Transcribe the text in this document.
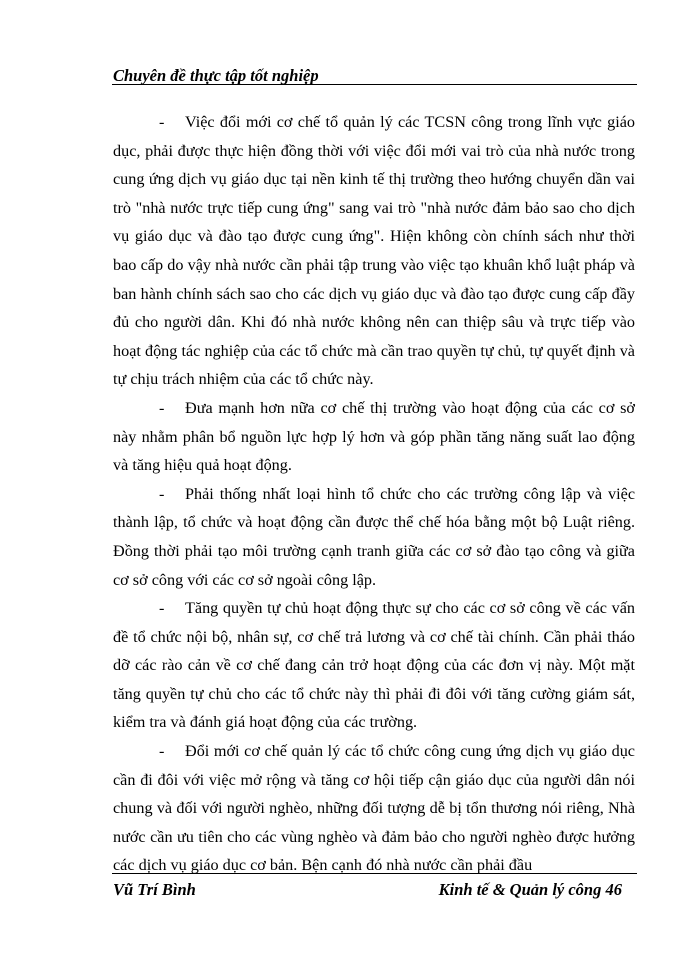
Chuyên đề thực tập tốt nghiệp

- Việc đổi mới cơ chế tổ quản lý các TCSN công trong lĩnh vực giáo dục, phải được thực hiện đồng thời với việc đổi mới vai trò của nhà nước trong cung ứng dịch vụ giáo dục tại nền kinh tế thị trường theo hướng chuyển dần vai trò "nhà nước trực tiếp cung ứng" sang vai trò "nhà nước đảm bảo sao cho dịch vụ giáo dục và đào tạo được cung ứng". Hiện không còn chính sách như thời bao cấp do vậy nhà nước cần phải tập trung vào việc tạo khuân khổ luật pháp và ban hành chính sách sao cho các dịch vụ giáo dục và đào tạo được cung cấp đầy đủ cho người dân. Khi đó nhà nước không nên can thiệp sâu và trực tiếp vào hoạt động tác nghiệp của các tổ chức mà cần trao quyền tự chủ, tự quyết định và tự chịu trách nhiệm của các tổ chức này.

- Đưa mạnh hơn nữa cơ chế thị trường vào hoạt động của các cơ sở này nhằm phân bổ nguồn lực hợp lý hơn và góp phần tăng năng suất lao động và tăng hiệu quả hoạt động.

- Phải thống nhất loại hình tổ chức cho các trường công lập và việc thành lập, tổ chức và hoạt động cần được thể chế hóa bằng một bộ Luật riêng. Đồng thời phải tạo môi trường cạnh tranh giữa các cơ sở đào tạo công và giữa cơ sở công với các cơ sở ngoài công lập.

- Tăng quyền tự chủ hoạt động thực sự cho các cơ sở công về các vấn đề tổ chức nội bộ, nhân sự, cơ chế trả lương và cơ chế tài chính. Cần phải tháo dỡ các rào cản về cơ chế đang cản trở hoạt động của các đơn vị này. Một mặt tăng quyền tự chủ cho các tổ chức này thì phải đi đôi với tăng cường giám sát, kiểm tra và đánh giá hoạt động của các trường.

- Đổi mới cơ chế quản lý các tổ chức công cung ứng dịch vụ giáo dục cần đi đôi với việc mở rộng và tăng cơ hội tiếp cận giáo dục của người dân nói chung và đối với người nghèo, những đối tượng dễ bị tổn thương nói riêng, Nhà nước cần ưu tiên cho các vùng nghèo và đảm bảo cho người nghèo được hưởng các dịch vụ giáo dục cơ bản. Bện cạnh đó nhà nước cần phải đầu

Vũ Trí Bình	Kinh tế & Quản lý công 46
